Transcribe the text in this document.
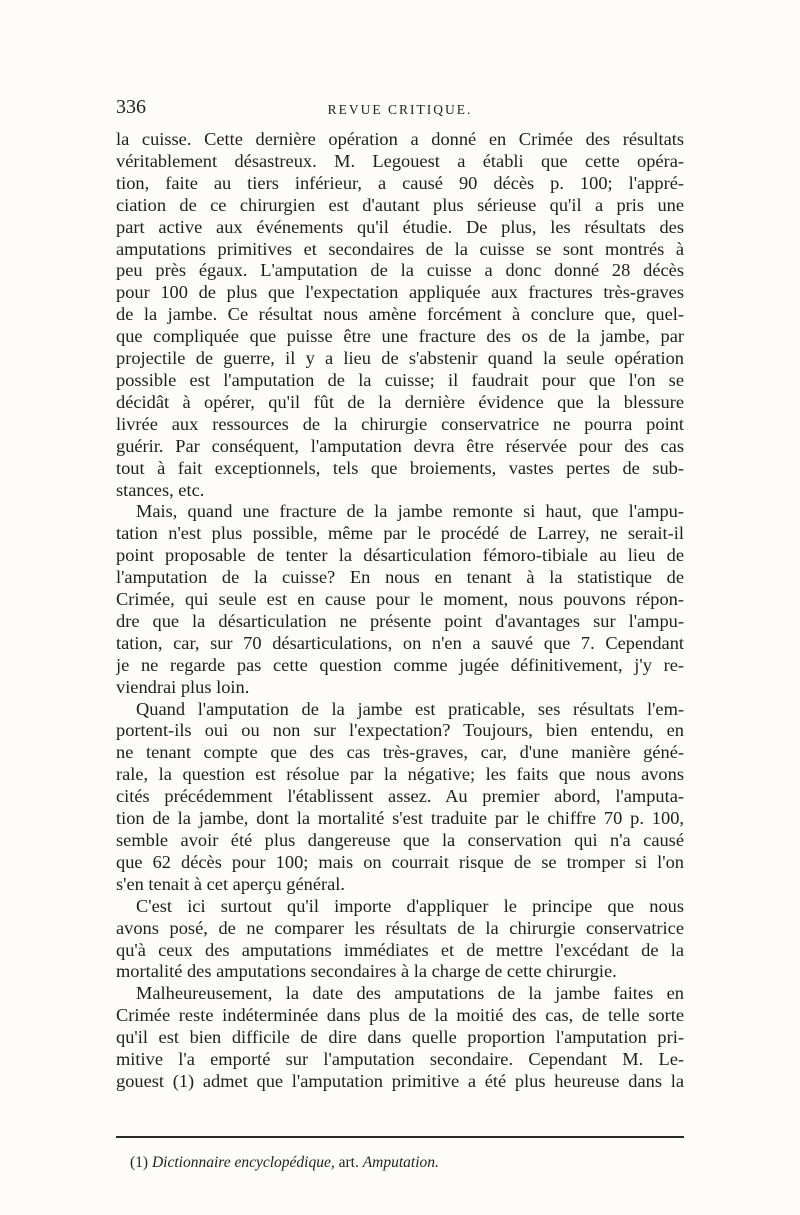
336	REVUE CRITIQUE.
la cuisse. Cette dernière opération a donné en Crimée des résultats
véritablement désastreux. M. Legouest a établi que cette opéra-
tion, faite au tiers inférieur, a causé 90 décès p. 100; l'appré-
ciation de ce chirurgien est d'autant plus sérieuse qu'il a pris une
part active aux événements qu'il étudie. De plus, les résultats des
amputations primitives et secondaires de la cuisse se sont montrés à
peu près égaux. L'amputation de la cuisse a donc donné 28 décès
pour 100 de plus que l'expectation appliquée aux fractures très-graves
de la jambe. Ce résultat nous amène forcément à conclure que, quel-
que compliquée que puisse être une fracture des os de la jambe, par
projectile de guerre, il y a lieu de s'abstenir quand la seule opération
possible est l'amputation de la cuisse; il faudrait pour que l'on se
décidât à opérer, qu'il fût de la dernière évidence que la blessure
livrée aux ressources de la chirurgie conservatrice ne pourra point
guérir. Par conséquent, l'amputation devra être réservée pour des cas
tout à fait exceptionnels, tels que broiements, vastes pertes de sub-
stances, etc.
Mais, quand une fracture de la jambe remonte si haut, que l'ampu-
tation n'est plus possible, même par le procédé de Larrey, ne serait-il
point proposable de tenter la désarticulation fémoro-tibiale au lieu de
l'amputation de la cuisse? En nous en tenant à la statistique de
Crimée, qui seule est en cause pour le moment, nous pouvons répon-
dre que la désarticulation ne présente point d'avantages sur l'ampu-
tation, car, sur 70 désarticulations, on n'en a sauvé que 7. Cependant
je ne regarde pas cette question comme jugée définitivement, j'y re-
viendrai plus loin.
Quand l'amputation de la jambe est praticable, ses résultats l'em-
portent-ils oui ou non sur l'expectation? Toujours, bien entendu, en
ne tenant compte que des cas très-graves, car, d'une manière géné-
rale, la question est résolue par la négative; les faits que nous avons
cités précédemment l'établissent assez. Au premier abord, l'amputa-
tion de la jambe, dont la mortalité s'est traduite par le chiffre 70 p. 100,
semble avoir été plus dangereuse que la conservation qui n'a causé
que 62 décès pour 100; mais on courrait risque de se tromper si l'on
s'en tenait à cet aperçu général.
C'est ici surtout qu'il importe d'appliquer le principe que nous
avons posé, de ne comparer les résultats de la chirurgie conservatrice
qu'à ceux des amputations immédiates et de mettre l'excédant de la
mortalité des amputations secondaires à la charge de cette chirurgie.
Malheureusement, la date des amputations de la jambe faites en
Crimée reste indéterminée dans plus de la moitié des cas, de telle sorte
qu'il est bien difficile de dire dans quelle proportion l'amputation pri-
mitive l'a emporté sur l'amputation secondaire. Cependant M. Le-
gouest (1) admet que l'amputation primitive a été plus heureuse dans la
(1) Dictionnaire encyclopédique, art. Amputation.
